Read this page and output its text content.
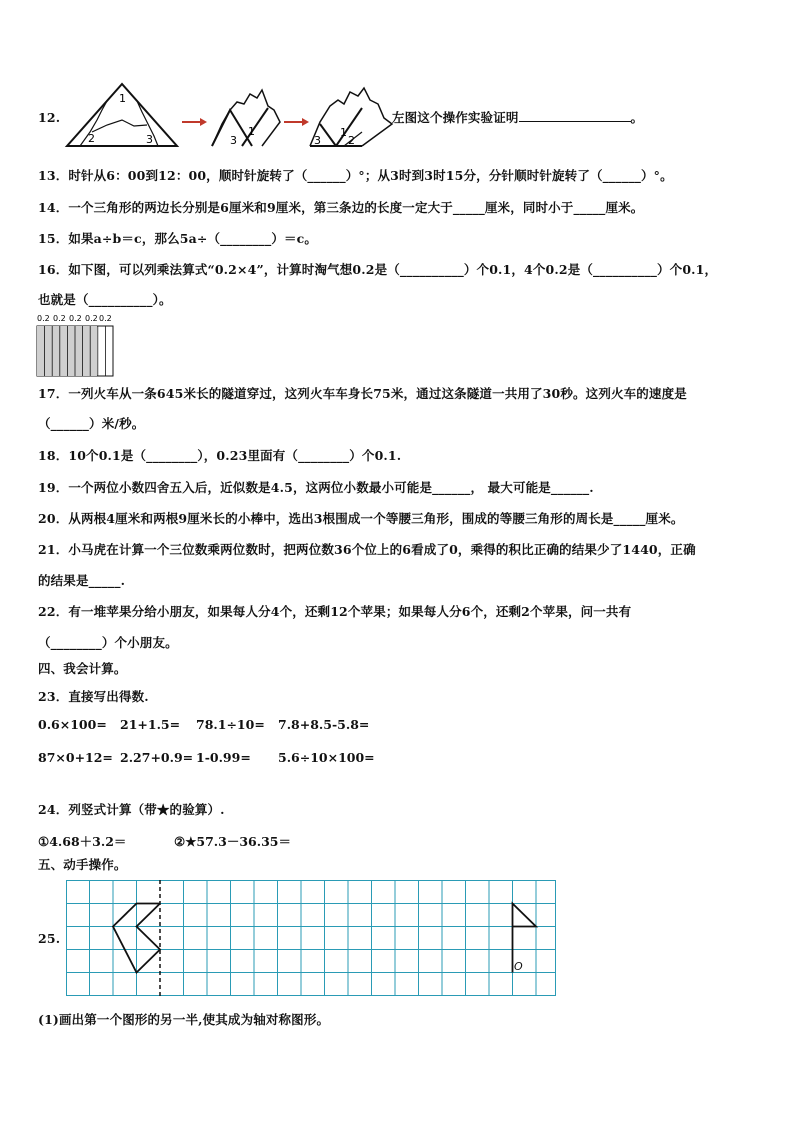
12.
1
2	3
1
3	3
1
2
左图这个操作实验证明	。
13．时针从6：00到12：00，顺时针旋转了（______）°；从3时到3时15分，分针顺时针旋转了（______）°。
14．一个三角形的两边长分别是6厘米和9厘米，第三条边的长度一定大于_____厘米，同时小于_____厘米。
15．如果a÷b＝c，那么5a÷（________）＝c。
16．如下图，可以列乘法算式“0.2×4”，计算时淘气想0.2是（__________）个0.1，4个0.2是（__________）个0.1，
也就是（__________）。
0.2 0.2 0.2 0.2 0.2
17．一列火车从一条645米长的隧道穿过，这列火车车身长75米，通过这条隧道一共用了30秒。这列火车的速度是
（______）米/秒。
18．10个0.1是（________），0.23里面有（________）个0.1.
19．一个两位小数四舍五入后，近似数是4.5，这两位小数最小可能是______， 最大可能是______.
20．从两根4厘米和两根9厘米长的小棒中，选出3根围成一个等腰三角形，围成的等腰三角形的周长是_____厘米。
21．小马虎在计算一个三位数乘两位数时，把两位数36个位上的6看成了0，乘得的积比正确的结果少了1440，正确
的结果是_____.
22．有一堆苹果分给小朋友，如果每人分4个，还剩12个苹果；如果每人分6个，还剩2个苹果，问一共有
（________）个小朋友。
四、我会计算。
23．直接写出得数.
0.6×100= 21+1.5= 78.1÷10= 7.8+8.5-5.8=
87×0+12= 2.27+0.9= 1-0.99= 5.6÷10×100=
24．列竖式计算（带★的验算）.
①4.68＋3.2＝	②★57.3－36.35＝
五、动手操作。
25.
O
(1)画出第一个图形的另一半,使其成为轴对称图形。
